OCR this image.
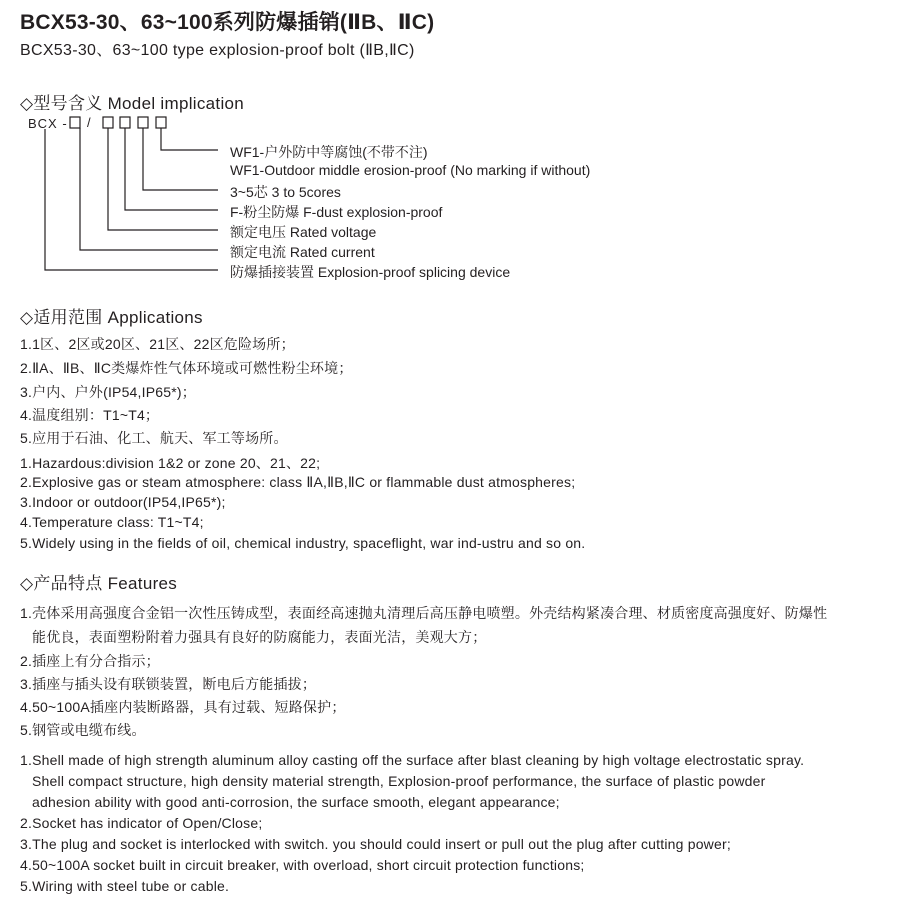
BCX53-30、63~100系列防爆插销(ⅡB、ⅡC)
BCX53-30、63~100 type explosion-proof bolt (ⅡB,ⅡC)
◇型号含义 Model implication
BCX - /
WF1-户外防中等腐蚀(不带不注)
WF1-Outdoor middle erosion-proof (No marking if without)
3~5芯 3 to 5cores
F-粉尘防爆 F-dust explosion-proof
额定电压 Rated voltage
额定电流 Rated current
防爆插接装置 Explosion-proof splicing device
◇适用范围 Applications
1.1区、2区或20区、21区、22区危险场所；
2.ⅡA、ⅡB、ⅡC类爆炸性气体环境或可燃性粉尘环境；
3.户内、户外(IP54,IP65*)；
4.温度组别：T1~T4；
5.应用于石油、化工、航天、军工等场所。
1.Hazardous:division 1&2 or zone 20、21、22;
2.Explosive gas or steam atmosphere: class ⅡA,ⅡB,ⅡC or flammable dust atmospheres;
3.Indoor or outdoor(IP54,IP65*);
4.Temperature class: T1~T4;
5.Widely using in the fields of oil, chemical industry, spaceflight, war ind-ustru and so on.
◇产品特点 Features
1.壳体采用高强度合金铝一次性压铸成型，表面经高速抛丸清理后高压静电喷塑。外壳结构紧凑合理、材质密度高强度好、防爆性
能优良，表面塑粉附着力强具有良好的防腐能力，表面光洁，美观大方；
2.插座上有分合指示；
3.插座与插头设有联锁装置，断电后方能插拔；
4.50~100A插座内装断路器，具有过载、短路保护；
5.钢管或电缆布线。
1.Shell made of high strength aluminum alloy casting off the surface after blast cleaning by high voltage electrostatic spray.
Shell compact structure, high density material strength, Explosion-proof performance, the surface of plastic powder
adhesion ability with good anti-corrosion, the surface smooth, elegant appearance;
2.Socket has indicator of Open/Close;
3.The plug and socket is interlocked with switch. you should could insert or pull out the plug after cutting power;
4.50~100A socket built in circuit breaker, with overload, short circuit protection functions;
5.Wiring with steel tube or cable.
